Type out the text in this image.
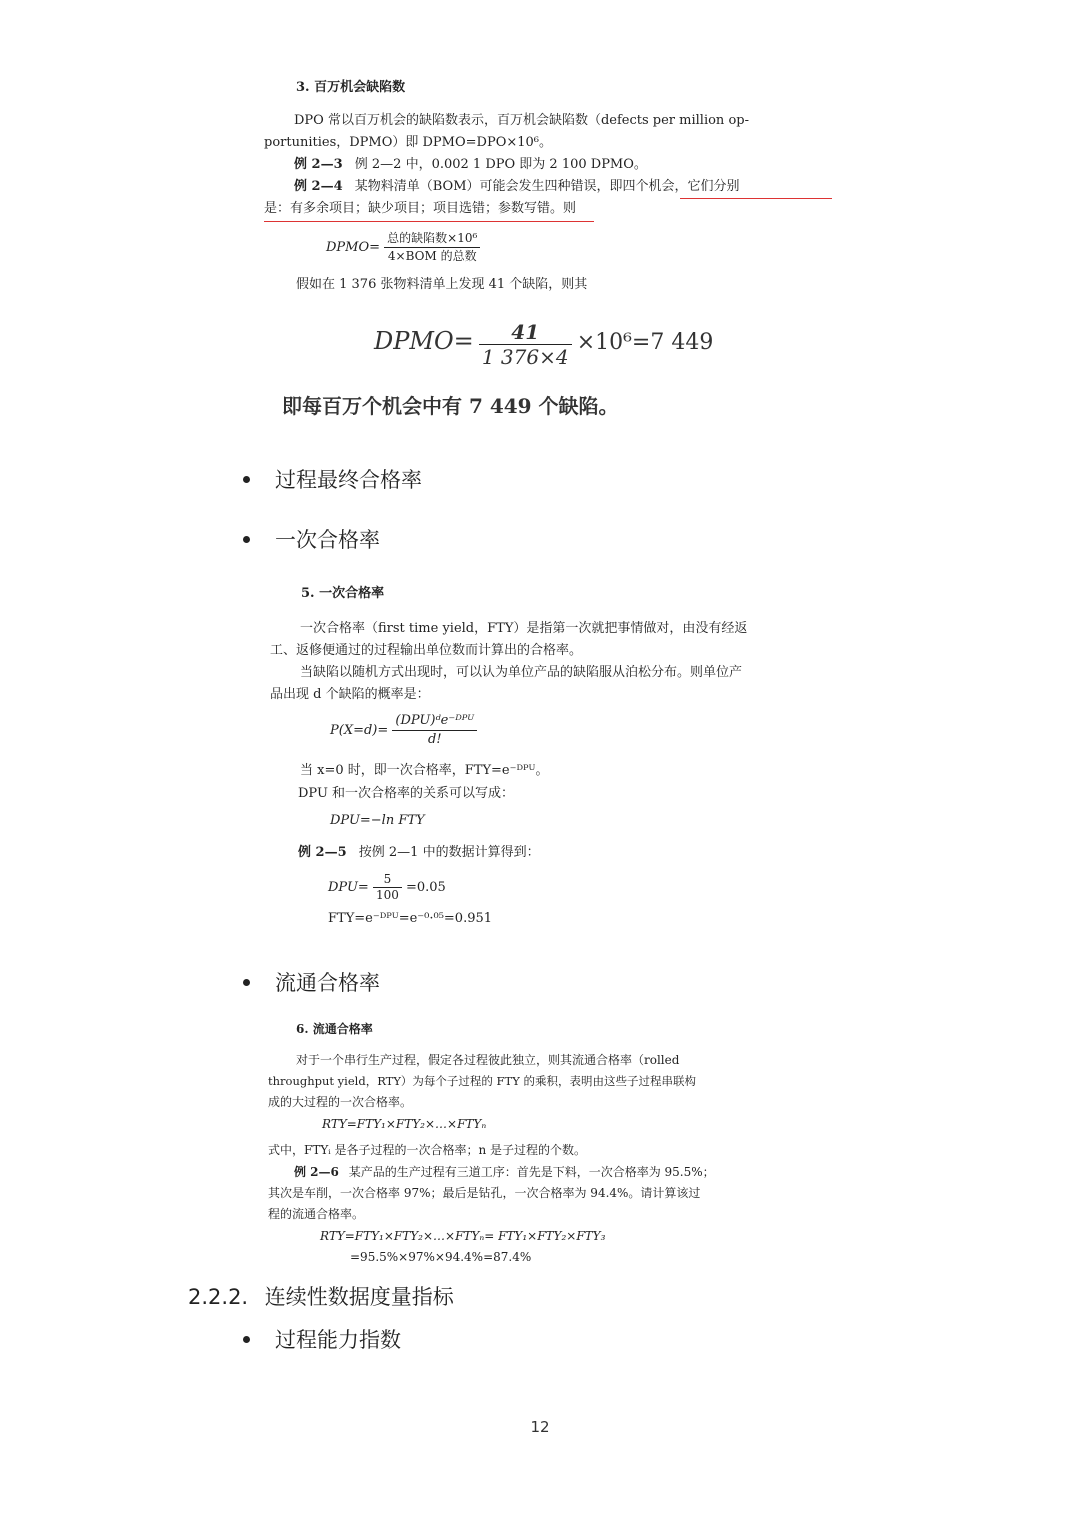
3. 百万机会缺陷数
DPO 常以百万机会的缺陷数表示，百万机会缺陷数（defects per million op-
portunities，DPMO）即 DPMO=DPO×10⁶。
例 2—3 例 2—2 中，0.002 1 DPO 即为 2 100 DPMO。
例 2—4 某物料清单（BOM）可能会发生四种错误，即四个机会，它们分别
是：有多余项目；缺少项目；项目选错；参数写错。则
DPMO= $\frac{\text{总的缺陷数×10⁶}}{\text{4×BOM 的总数}}$
假如在 1 376 张物料清单上发现 41 个缺陷，则其
DPMO= $\frac{41}{1 376\times 4} \times 10^6=7$ 449
即每百万个机会中有 7 449 个缺陷。
过程最终合格率
一次合格率
5. 一次合格率
一次合格率（first time yield，FTY）是指第一次就把事情做对，由没有经返
工、返修便通过的过程输出单位数而计算出的合格率。
当缺陷以随机方式出现时，可以认为单位产品的缺陷服从泊松分布。则单位产
品出现 d 个缺陷的概率是：
$P(X=d)= \frac{\text{(DPU)ᵈe⁻ᴰᴾᵁ}}{d!}$
当 x=0 时，即一次合格率，FTY=e⁻ᴰᴾᵁ。
DPU 和一次合格率的关系可以写成：
DPU=−ln FTY
例 2—5 按例 2—1 中的数据计算得到：
$DPU= \frac{5}{100} =0.05$
FTY=e⁻ᴰᴾᵁ=e⁻⁰·⁰⁵=0.951
流通合格率
6. 流通合格率
对于一个串行生产过程，假定各过程彼此独立，则其流通合格率（rolled
throughput yield，RTY）为每个子过程的 FTY 的乘积，表明由这些子过程串联构
成的大过程的一次合格率。
RTY=FTY₁×FTY₂×…×FTYₙ
式中，FTYᵢ 是各子过程的一次合格率；n 是子过程的个数。
例 2—6 某产品的生产过程有三道工序：首先是下料，一次合格率为 95.5%；
其次是车削，一次合格率 97%；最后是钻孔，一次合格率为 94.4%。请计算该过
程的流通合格率。
RTY=FTY₁×FTY₂×…×FTYₙ= FTY₁×FTY₂×FTY₃
=95.5%×97%×94.4%=87.4%
2.2.2. 连续性数据度量指标
过程能力指数
12
